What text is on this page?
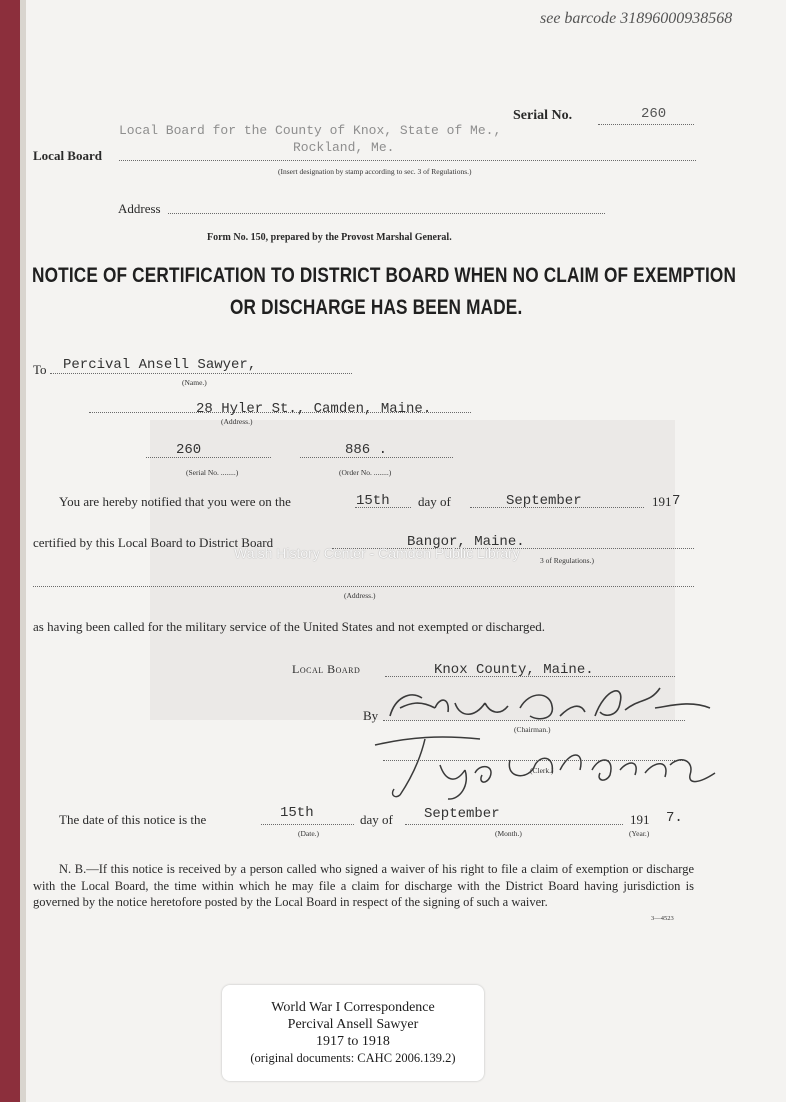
see barcode 31896000938568
Serial No.	260
Local Board for the County of Knox, State of Me.,
Rockland, Me.
Local Board
(Insert designation by stamp according to sec. 3 of Regulations.)
Address
Form No. 150, prepared by the Provost Marshal General.
NOTICE OF CERTIFICATION TO DISTRICT BOARD WHEN NO CLAIM OF EXEMPTION
OR DISCHARGE HAS BEEN MADE.
To Percival Ansell Sawyer,
(Name.)
28 Hyler St., Camden, Maine.
(Address.)
260
(Serial No. ........)
886 .
(Order No. ........)
You are hereby notified that you were on the	15th day of	September	191 7
certified by this Local Board to District Board	Bangor, Maine.
3 of Regulations.)
(Address.)
Walsh History Center - Camden Public Library
as having been called for the military service of the United States and not exempted or discharged.
Local Board	Knox County, Maine.
By
(Chairman.)
(Clerk.)
The date of this notice is the	15th
(Date.)
day of September
(Month.)
191 7.
(Year.)
N. B.—If this notice is received by a person called who signed a waiver of his right to file a claim of exemption or discharge with the Local Board, the time within which he may file a claim for discharge with the District Board having jurisdiction is governed by the notice heretofore posted by the Local Board in respect of the signing of such a waiver.
3—4523
World War I Correspondence
Percival Ansell Sawyer
1917 to 1918
(original documents: CAHC 2006.139.2)
